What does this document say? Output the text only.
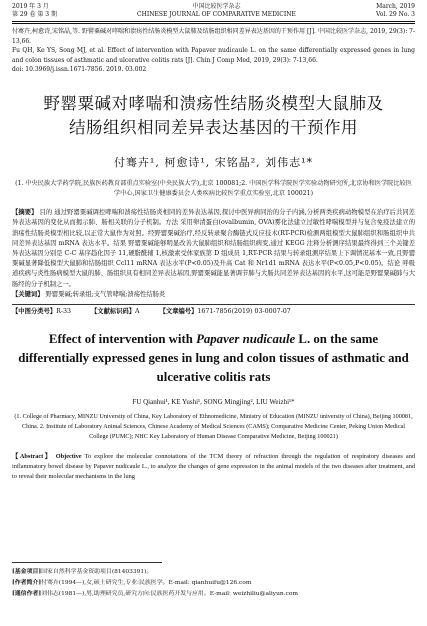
2019 年 3 月
第 29 卷 第 3 期
中国比较医学杂志
CHINESE JOURNAL OF COMPARATIVE MEDICINE
March, 2019
Vol. 29 No. 3
付骞卉,柯愈诗,宋铭晶,等. 野罂粟碱对哮喘和溃疡性结肠炎模型大鼠肺及结肠组织相同差异表达基因的干预作用 [J]. 中国比较医学杂志, 2019, 29(3): 7-13,66.
Fu QH, Ke YS, Song MJ, et al. Effect of intervention with Papaver nudicaule L. on the same differentially expressed genes in lung and colon tissues of asthmatic and ulcerative colitis rats [J]. Chin J Comp Med, 2019, 29(3): 7-13,66.
doi: 10.3969/j.issn.1671-7856. 2019. 03.002
野罂粟碱对哮喘和溃疡性结肠炎模型大鼠肺及
结肠组织相同差异表达基因的干预作用
付骞卉¹, 柯愈诗¹, 宋铭晶², 刘伟志¹*
(1. 中央民族大学药学院,民族医药教育部重点实验室(中央民族大学),北京 100081;2. 中国医学科学院医学实验动物研究所,北京协和医学院比较医学中心,国家卫生健康委员会人类疾病比较医学重点实验室,北京 100021)
【摘要】 目的 通过野罂粟碱调控哮喘和溃疡性结肠炎相同的差异表达基因,探讨中医异病同治的分子内涵,分析两类疾病动物模型在治疗后共同差异表达基因的变化从而揭示肺、肠相关联的分子机制。方法 采用卵清蛋白(ovalbumin, OVA)雾化法建立过敏性哮喘模型并与复合免疫法建立的溃疡性结肠炎模型相比较,以正常大鼠作为对照。经野罂粟碱治疗,经反转录聚合酶链式反应技术(RT-PCR)检测两组模型大鼠肺组织和肠组织中共同差异表达基因 mRNA 表达水平。结果 野罂粟碱能够明显改善大鼠肺组织和结肠组织病变,通过 KEGG 注释分析测序结果最终得到三个关键差异表达基因分别是 C-C 基序趋化因子 11,硬脂酰辅 1,核激素受体家族第 D 组成员 1,RT-PCR 结果与转录组测序结果上下调情况基本一致,且野罂粟碱显著降低模型大鼠肺和结肠组织 Ccl11 mRNA 表达水平(P<0.05)及升高 Cat 和 Nr1d1 mRNA 表达水平(P<0.05,P<0.05)。结论 呼吸道疾病与炎性肠病模型大鼠的肺、肠组织具有相同差异表达基因,野罂粟碱能显著调节肺与大肠共同差异表达基因的水平,这可能是野罂粟碱肺与大肠经的分子机制之一。
【关键词】 野罂粟碱;转录组;支气管哮喘;溃疡性结肠炎
【中图分类号】R-33	【文献标识码】A	【文章编号】1671-7856(2019) 03-0007-07
Effect of intervention with Papaver nudicaule L. on the same differentially expressed genes in lung and colon tissues of asthmatic and ulcerative colitis rats
FU Qianhui¹, KE Yushi¹, SONG Mingjing², LIU Weizhi¹*
(1. College of Pharmacy, MINZU University of China, Key Laboratory of Ethnomedicine, Ministry of Education (MINZU university of China), Beijing 100081, China. 2. Institute of Laboratory Animal Sciences, Chinese Academy of Medical Sciences (CAMS); Comparative Medicine Center, Peking Union Medical College (PUMC); NHC Key Laboratory of Human Disease Comparative Medicine, Beijing 100021)
【Abstract】 Objective To explore the molecular connotations of the TCM theory of refraction through the regulation of respiratory diseases and inflammatory bowel disease by Papaver nudicaule L., to analyze the changes of gene expression in the animal models of the two diseases after treatment, and to reveal their molecular mechanisms in the lung
[基金项目]国家自然科学基金资助项目(81403391)。
[作者简介]付骞卉(1994—),女,硕士研究生,专业:民族医学。E-mail: qianhuifu@126.com
[通信作者]刘伟志(1981—),男,助理研究员,研究方向:民族医药开发与应用。E-mail: weizhiliu@aliyun.com
